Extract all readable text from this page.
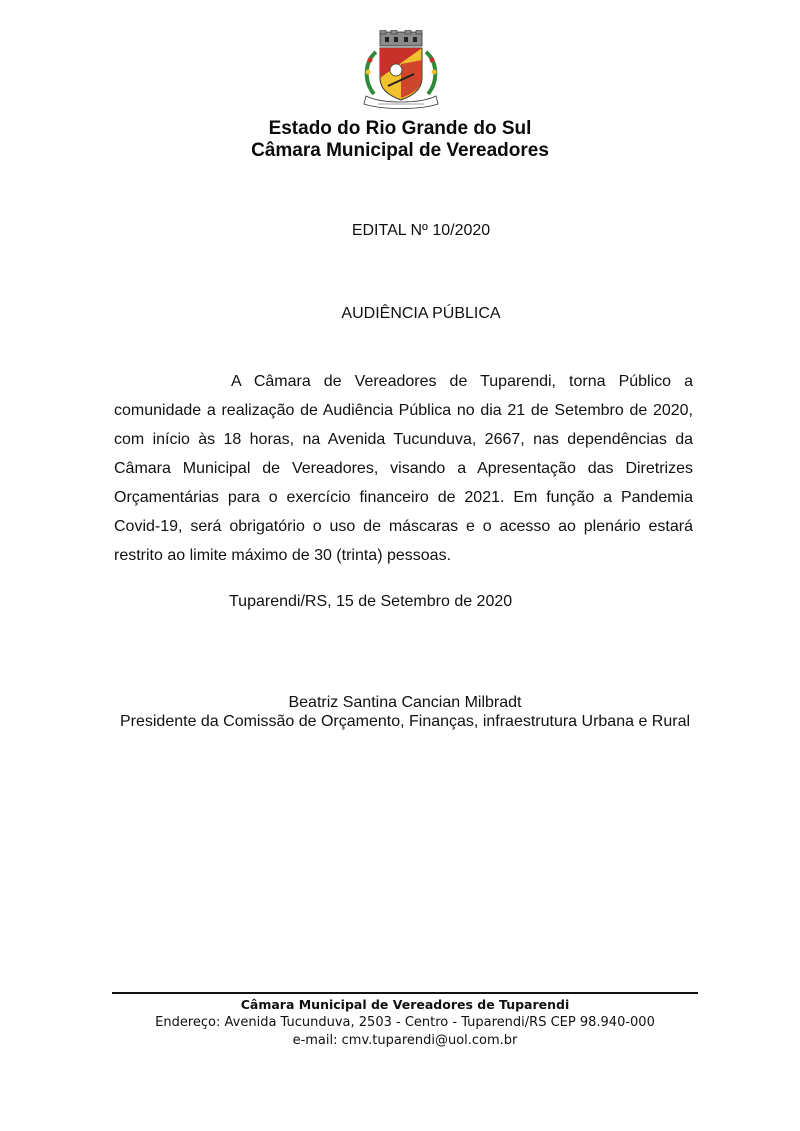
Estado do Rio Grande do Sul
Câmara Municipal de Vereadores
EDITAL Nº 10/2020
AUDIÊNCIA PÚBLICA

A Câmara de Vereadores de Tuparendi, torna Público a comunidade a realização de Audiência Pública no dia 21 de Setembro de 2020, com início às 18 horas, na Avenida Tucunduva, 2667, nas dependências da Câmara Municipal de Vereadores, visando a Apresentação das Diretrizes Orçamentárias para o exercício financeiro de 2021. Em função a Pandemia Covid-19, será obrigatório o uso de máscaras e o acesso ao plenário estará restrito ao limite máximo de 30 (trinta) pessoas.

Tuparendi/RS, 15 de Setembro de 2020
Beatriz Santina Cancian Milbradt
Presidente da Comissão de Orçamento, Finanças, infraestrutura Urbana e Rural
Câmara Municipal de Vereadores de Tuparendi
Endereço: Avenida Tucunduva, 2503 - Centro - Tuparendi/RS CEP 98.940-000
e-mail: cmv.tuparendi@uol.com.br
